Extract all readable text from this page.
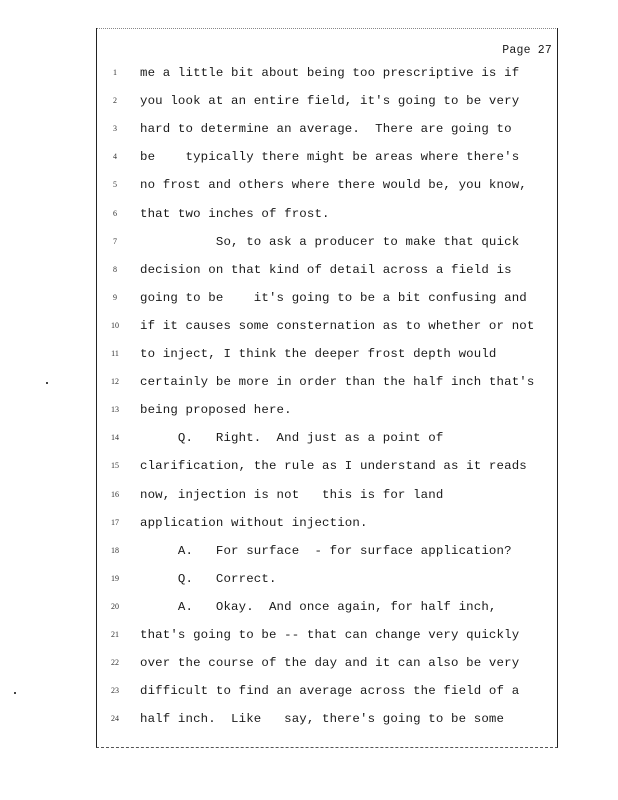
Page 27
1	me a little bit about being too prescriptive is if
2	you look at an entire field, it's going to be very
3	hard to determine an average.  There are going to
4	be    typically there might be areas where there's
5	no frost and others where there would be, you know,
6	that two inches of frost.
7	So, to ask a producer to make that quick
8	decision on that kind of detail across a field is
9	going to be    it's going to be a bit confusing and
10	if it causes some consternation as to whether or not
11	to inject, I think the deeper frost depth would
12	certainly be more in order than the half inch that's
13	being proposed here.
14	Q.   Right.  And just as a point of
15	clarification, the rule as I understand as it reads
16	now, injection is not   this is for land
17	application without injection.
18	A.   For surface  - for surface application?
19	Q.   Correct.
20	A.   Okay.  And once again, for half inch,
21	that's going to be -- that can change very quickly
22	over the course of the day and it can also be very
23	difficult to find an average across the field of a
24	half inch.  Like   say, there's going to be some
